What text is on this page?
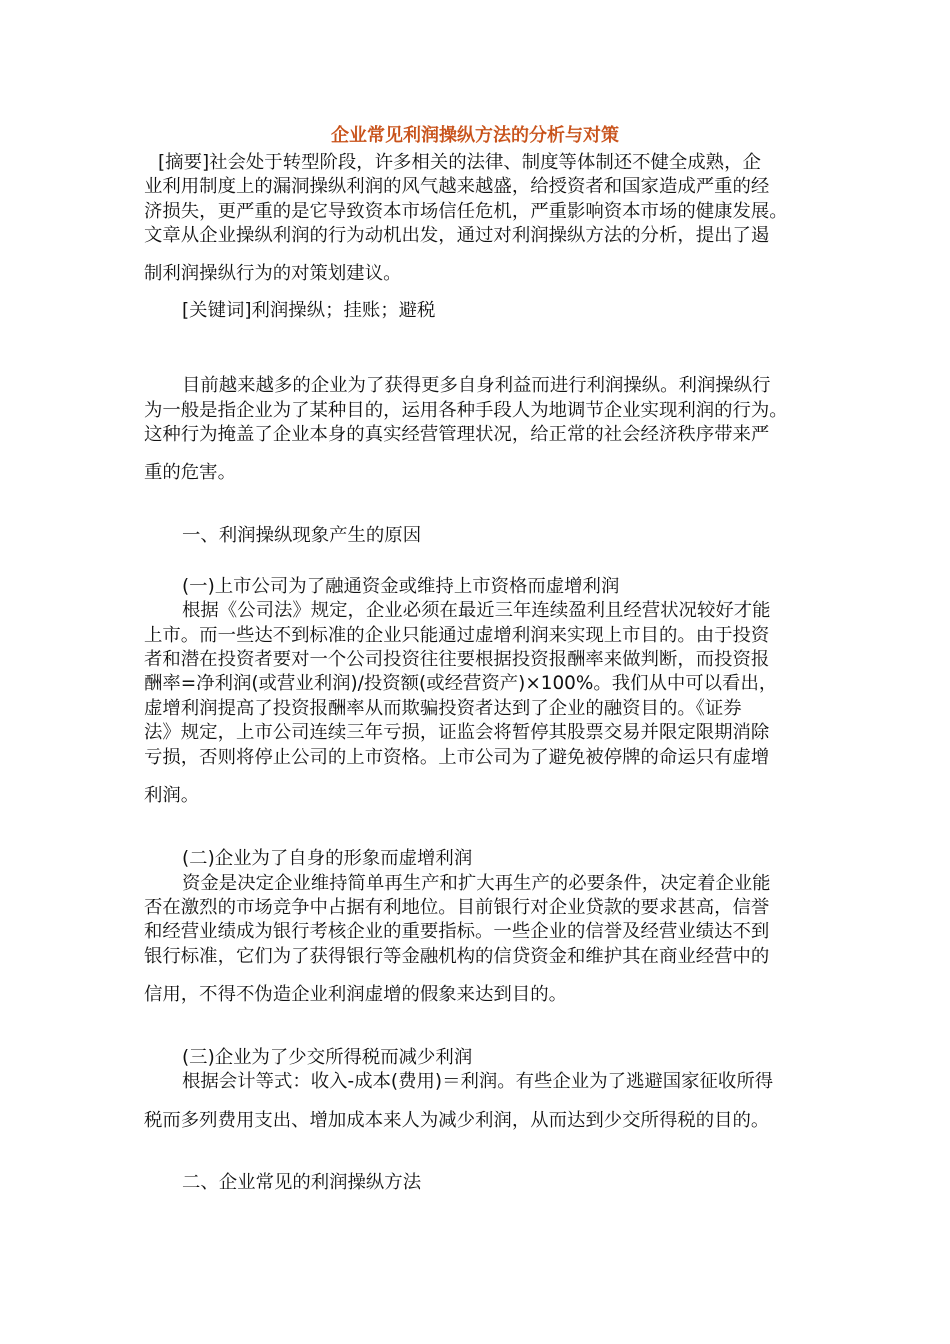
企业常见利润操纵方法的分析与对策
[摘要]社会处于转型阶段，许多相关的法律、制度等体制还不健全成熟，企
业利用制度上的漏洞操纵利润的风气越来越盛，给授资者和国家造成严重的经
济损失，更严重的是它导致资本市场信任危机，严重影响资本市场的健康发展。
文章从企业操纵利润的行为动机出发，通过对利润操纵方法的分析，提出了遏
制利润操纵行为的对策划建议。
[关键词]利润操纵；挂账；避税
目前越来越多的企业为了获得更多自身利益而进行利润操纵。利润操纵行
为一般是指企业为了某种目的，运用各种手段人为地调节企业实现利润的行为。
这种行为掩盖了企业本身的真实经营管理状况，给正常的社会经济秩序带来严
重的危害。
一、利润操纵现象产生的原因
(一)上市公司为了融通资金或维持上市资格而虚增利润
根据《公司法》规定，企业必须在最近三年连续盈利且经营状况较好才能
上市。而一些达不到标准的企业只能通过虚增利润来实现上市目的。由于投资
者和潜在投资者要对一个公司投资往往要根据投资报酬率来做判断，而投资报
酬率=净利润(或营业利润)/投资额(或经营资产)×100%。我们从中可以看出，
虚增利润提高了投资报酬率从而欺骗投资者达到了企业的融资目的。《证券
法》规定，上市公司连续三年亏损，证监会将暂停其股票交易并限定限期消除
亏损，否则将停止公司的上市资格。上市公司为了避免被停牌的命运只有虚增
利润。
(二)企业为了自身的形象而虚增利润
资金是决定企业维持简单再生产和扩大再生产的必要条件，决定着企业能
否在激烈的市场竞争中占据有利地位。目前银行对企业贷款的要求甚高，信誉
和经营业绩成为银行考核企业的重要指标。一些企业的信誉及经营业绩达不到
银行标准，它们为了获得银行等金融机构的信贷资金和维护其在商业经营中的
信用，不得不伪造企业利润虚增的假象来达到目的。
(三)企业为了少交所得税而减少利润
根据会计等式：收入-成本(费用)＝利润。有些企业为了逃避国家征收所得
税而多列费用支出、增加成本来人为减少利润，从而达到少交所得税的目的。
二、企业常见的利润操纵方法
